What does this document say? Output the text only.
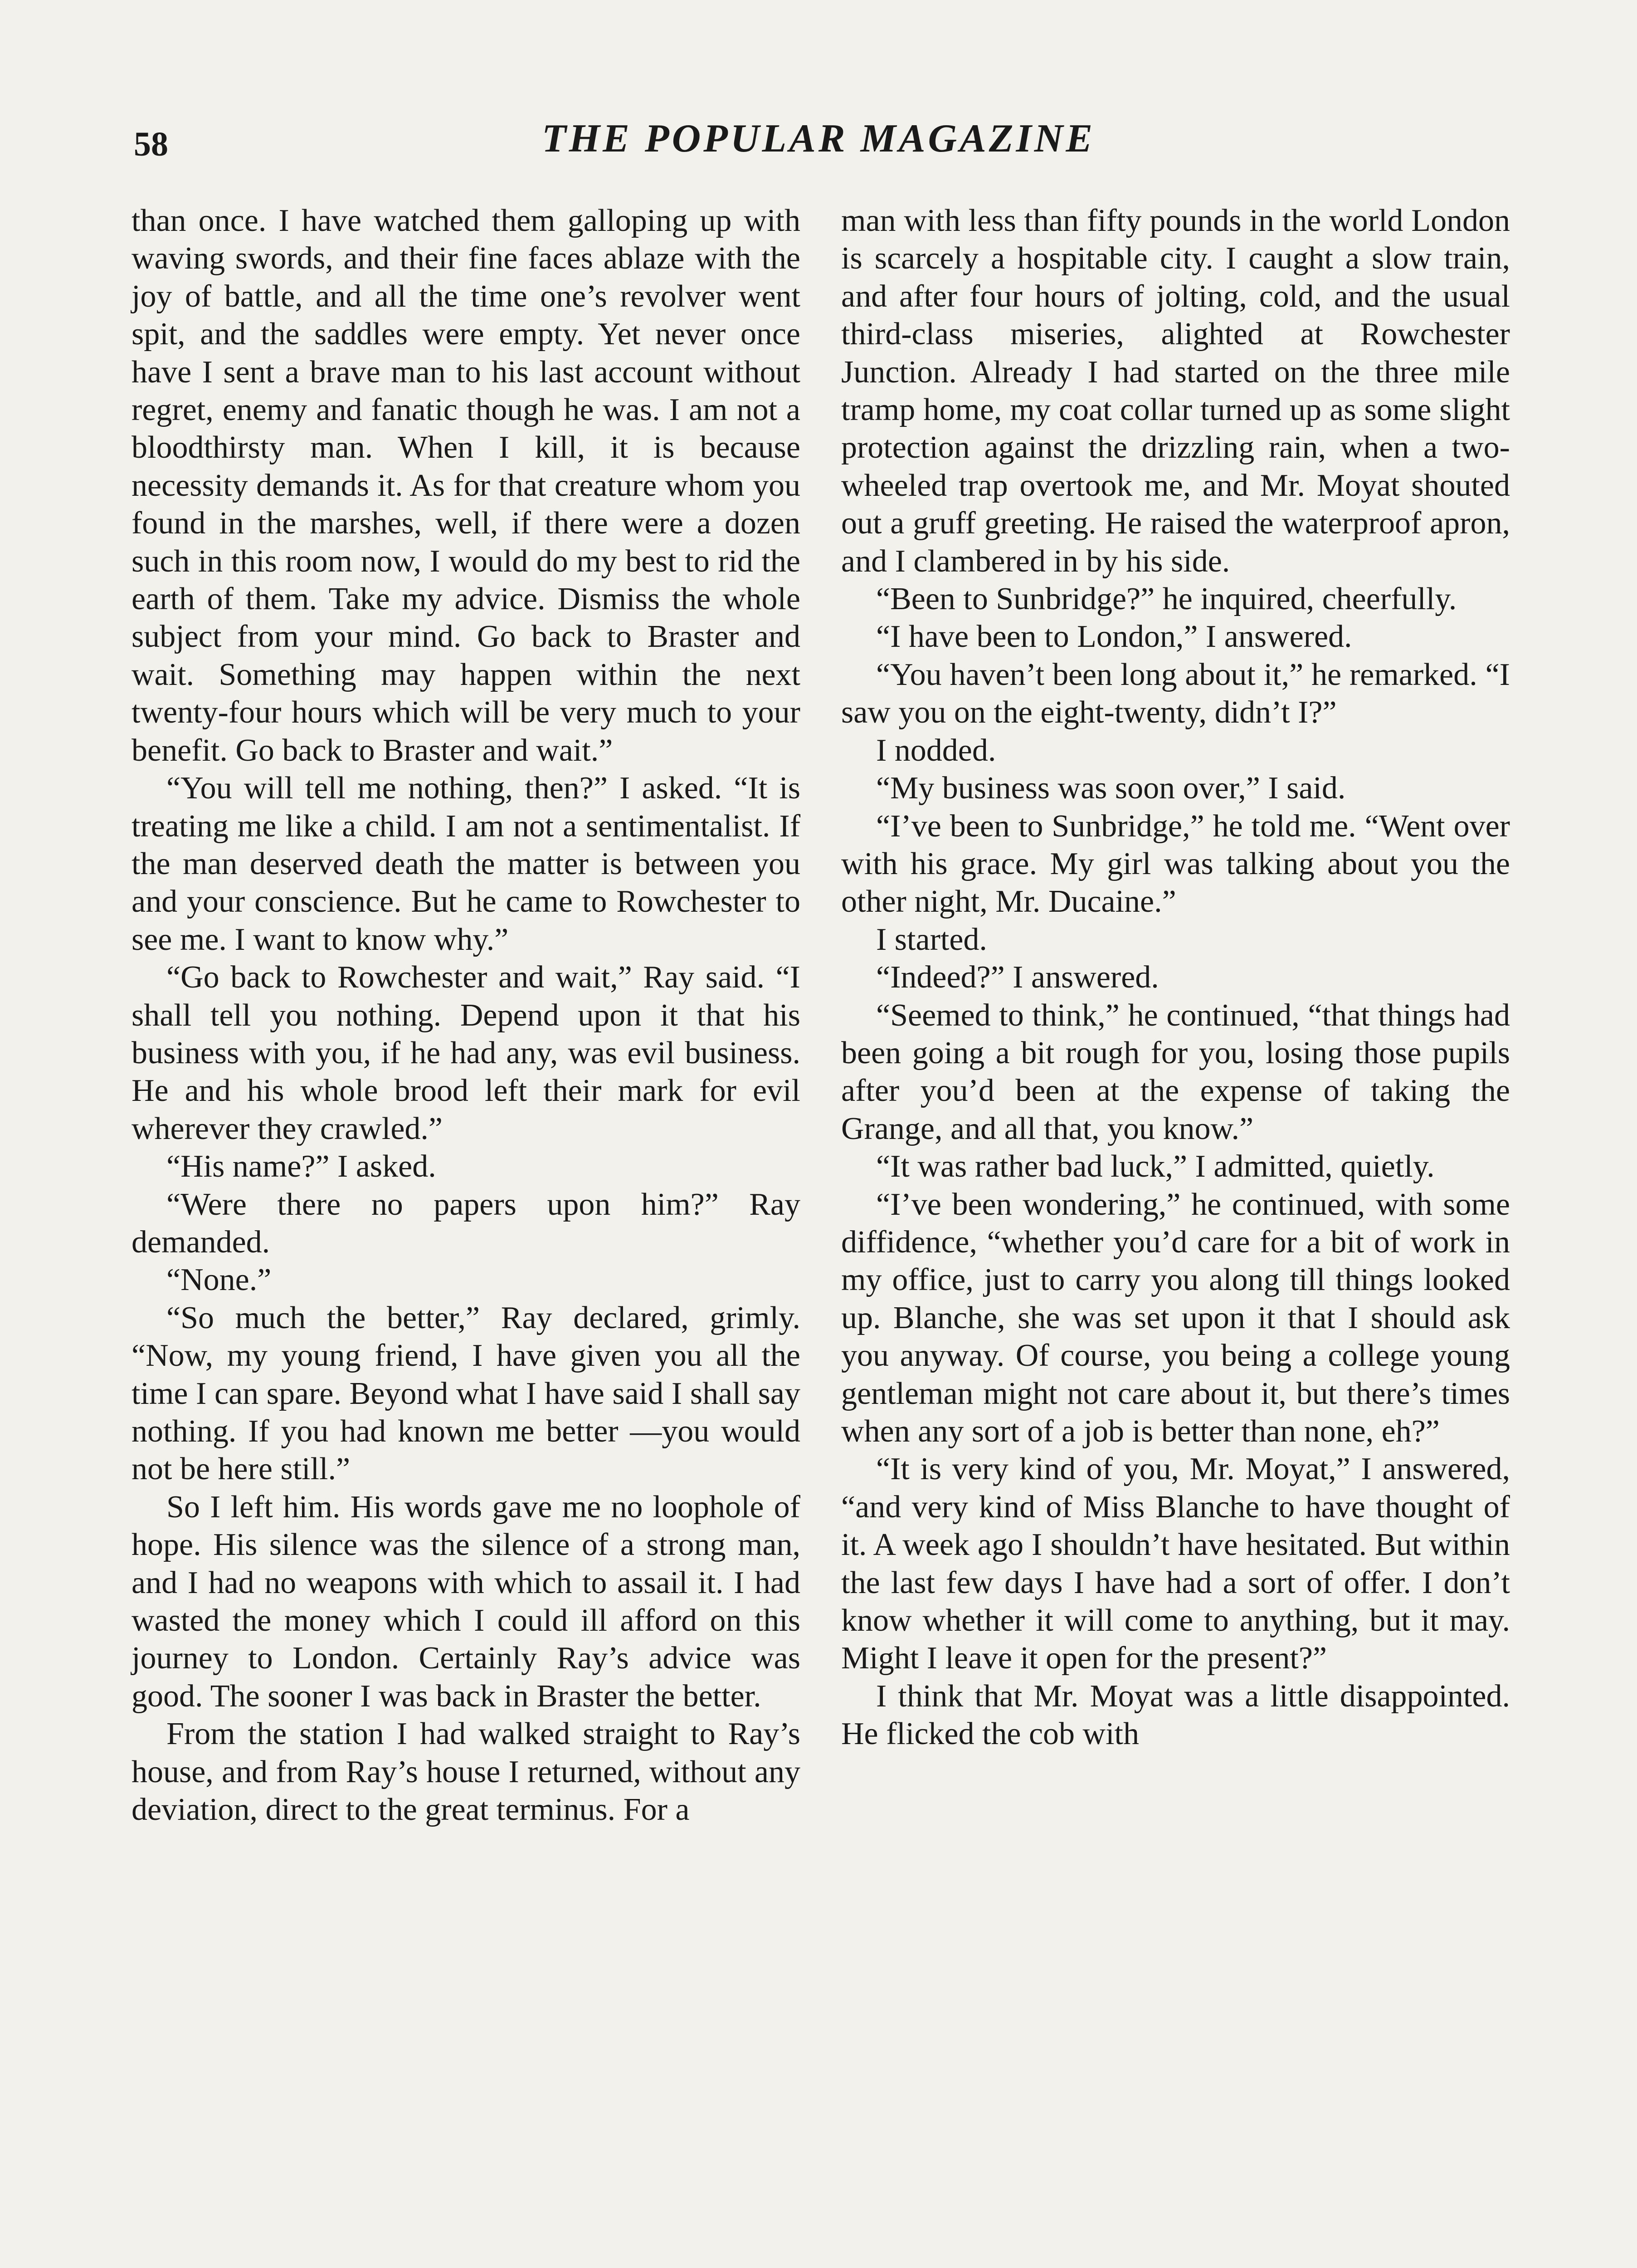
58	THE POPULAR MAGAZINE

than once. I have watched them galloping up with waving swords, and their fine faces ablaze with the joy of battle, and all the time one’s revolver went spit, and the saddles were empty. Yet never once have I sent a brave man to his last account without regret, enemy and fanatic though he was. I am not a bloodthirsty man. When I kill, it is because necessity demands it. As for that creature whom you found in the marshes, well, if there were a dozen such in this room now, I would do my best to rid the earth of them. Take my advice. Dismiss the whole subject from your mind. Go back to Braster and wait. Something may happen within the next twenty-four hours which will be very much to your benefit. Go back to Braster and wait.”

“You will tell me nothing, then?” I asked. “It is treating me like a child. I am not a sentimentalist. If the man deserved death the matter is between you and your conscience. But he came to Rowchester to see me. I want to know why.”

“Go back to Rowchester and wait,” Ray said. “I shall tell you nothing. Depend upon it that his business with you, if he had any, was evil business. He and his whole brood left their mark for evil wherever they crawled.”

“His name?” I asked.

“Were there no papers upon him?” Ray demanded.

“None.”

“So much the better,” Ray declared, grimly. “Now, my young friend, I have given you all the time I can spare. Beyond what I have said I shall say nothing. If you had known me better —you would not be here still.”

So I left him. His words gave me no loophole of hope. His silence was the silence of a strong man, and I had no weapons with which to assail it. I had wasted the money which I could ill afford on this journey to London. Certainly Ray’s advice was good. The sooner I was back in Braster the better.

From the station I had walked straight to Ray’s house, and from Ray’s house I returned, without any deviation, direct to the great terminus. For a

man with less than fifty pounds in the world London is scarcely a hospitable city. I caught a slow train, and after four hours of jolting, cold, and the usual third-class miseries, alighted at Rowchester Junction. Already I had started on the three mile tramp home, my coat collar turned up as some slight protection against the drizzling rain, when a two-wheeled trap overtook me, and Mr. Moyat shouted out a gruff greeting. He raised the waterproof apron, and I clambered in by his side.

“Been to Sunbridge?” he inquired, cheerfully.

“I have been to London,” I answered.

“You haven’t been long about it,” he remarked. “I saw you on the eight-twenty, didn’t I?”

I nodded.

“My business was soon over,” I said.

“I’ve been to Sunbridge,” he told me. “Went over with his grace. My girl was talking about you the other night, Mr. Ducaine.”

I started.

“Indeed?” I answered.

“Seemed to think,” he continued, “that things had been going a bit rough for you, losing those pupils after you’d been at the expense of taking the Grange, and all that, you know.”

“It was rather bad luck,” I admitted, quietly.

“I’ve been wondering,” he continued, with some diffidence, “whether you’d care for a bit of work in my office, just to carry you along till things looked up. Blanche, she was set upon it that I should ask you anyway. Of course, you being a college young gentleman might not care about it, but there’s times when any sort of a job is better than none, eh?”

“It is very kind of you, Mr. Moyat,” I answered, “and very kind of Miss Blanche to have thought of it. A week ago I shouldn’t have hesitated. But within the last few days I have had a sort of offer. I don’t know whether it will come to anything, but it may. Might I leave it open for the present?”

I think that Mr. Moyat was a little disappointed. He flicked the cob with
